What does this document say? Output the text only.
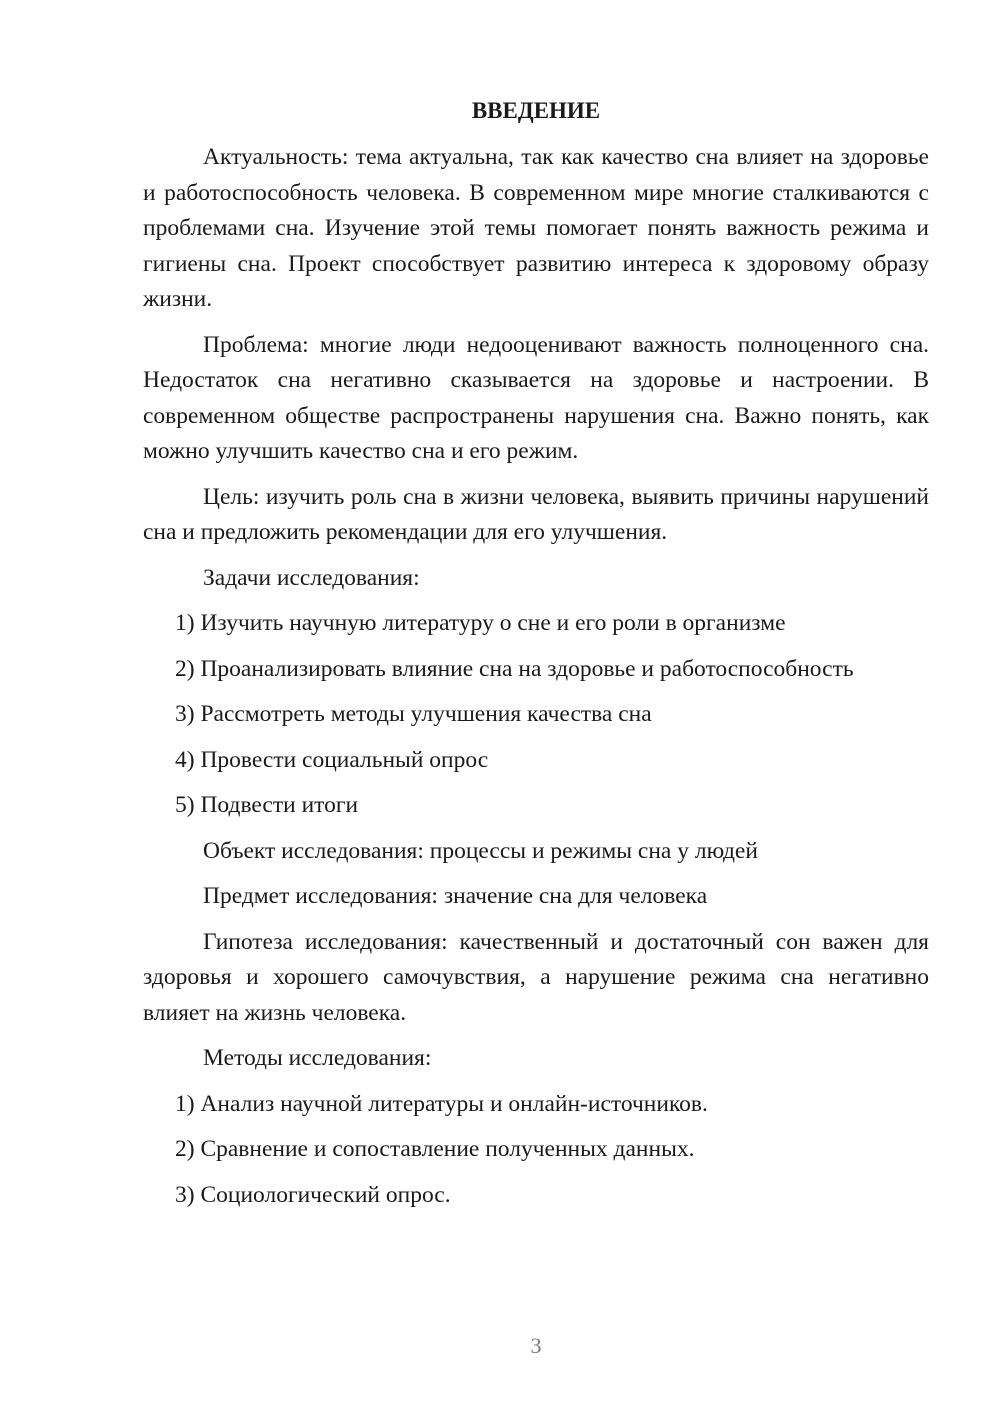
ВВЕДЕНИЕ

Актуальность: тема актуальна, так как качество сна влияет на здоровье и работоспособность человека. В современном мире многие сталкиваются с проблемами сна. Изучение этой темы помогает понять важность режима и гигиены сна. Проект способствует развитию интереса к здоровому образу жизни.

Проблема: многие люди недооценивают важность полноценного сна. Недостаток сна негативно сказывается на здоровье и настроении. В современном обществе распространены нарушения сна. Важно понять, как можно улучшить качество сна и его режим.

Цель: изучить роль сна в жизни человека, выявить причины нарушений сна и предложить рекомендации для его улучшения.

Задачи исследования:

1) Изучить научную литературу о сне и его роли в организме

2) Проанализировать влияние сна на здоровье и работоспособность

3) Рассмотреть методы улучшения качества сна

4) Провести социальный опрос

5) Подвести итоги

Объект исследования: процессы и режимы сна у людей

Предмет исследования: значение сна для человека

Гипотеза исследования: качественный и достаточный сон важен для здоровья и хорошего самочувствия, а нарушение режима сна негативно влияет на жизнь человека.

Методы исследования:

1) Анализ научной литературы и онлайн-источников.

2) Сравнение и сопоставление полученных данных.

3) Социологический опрос.

3
